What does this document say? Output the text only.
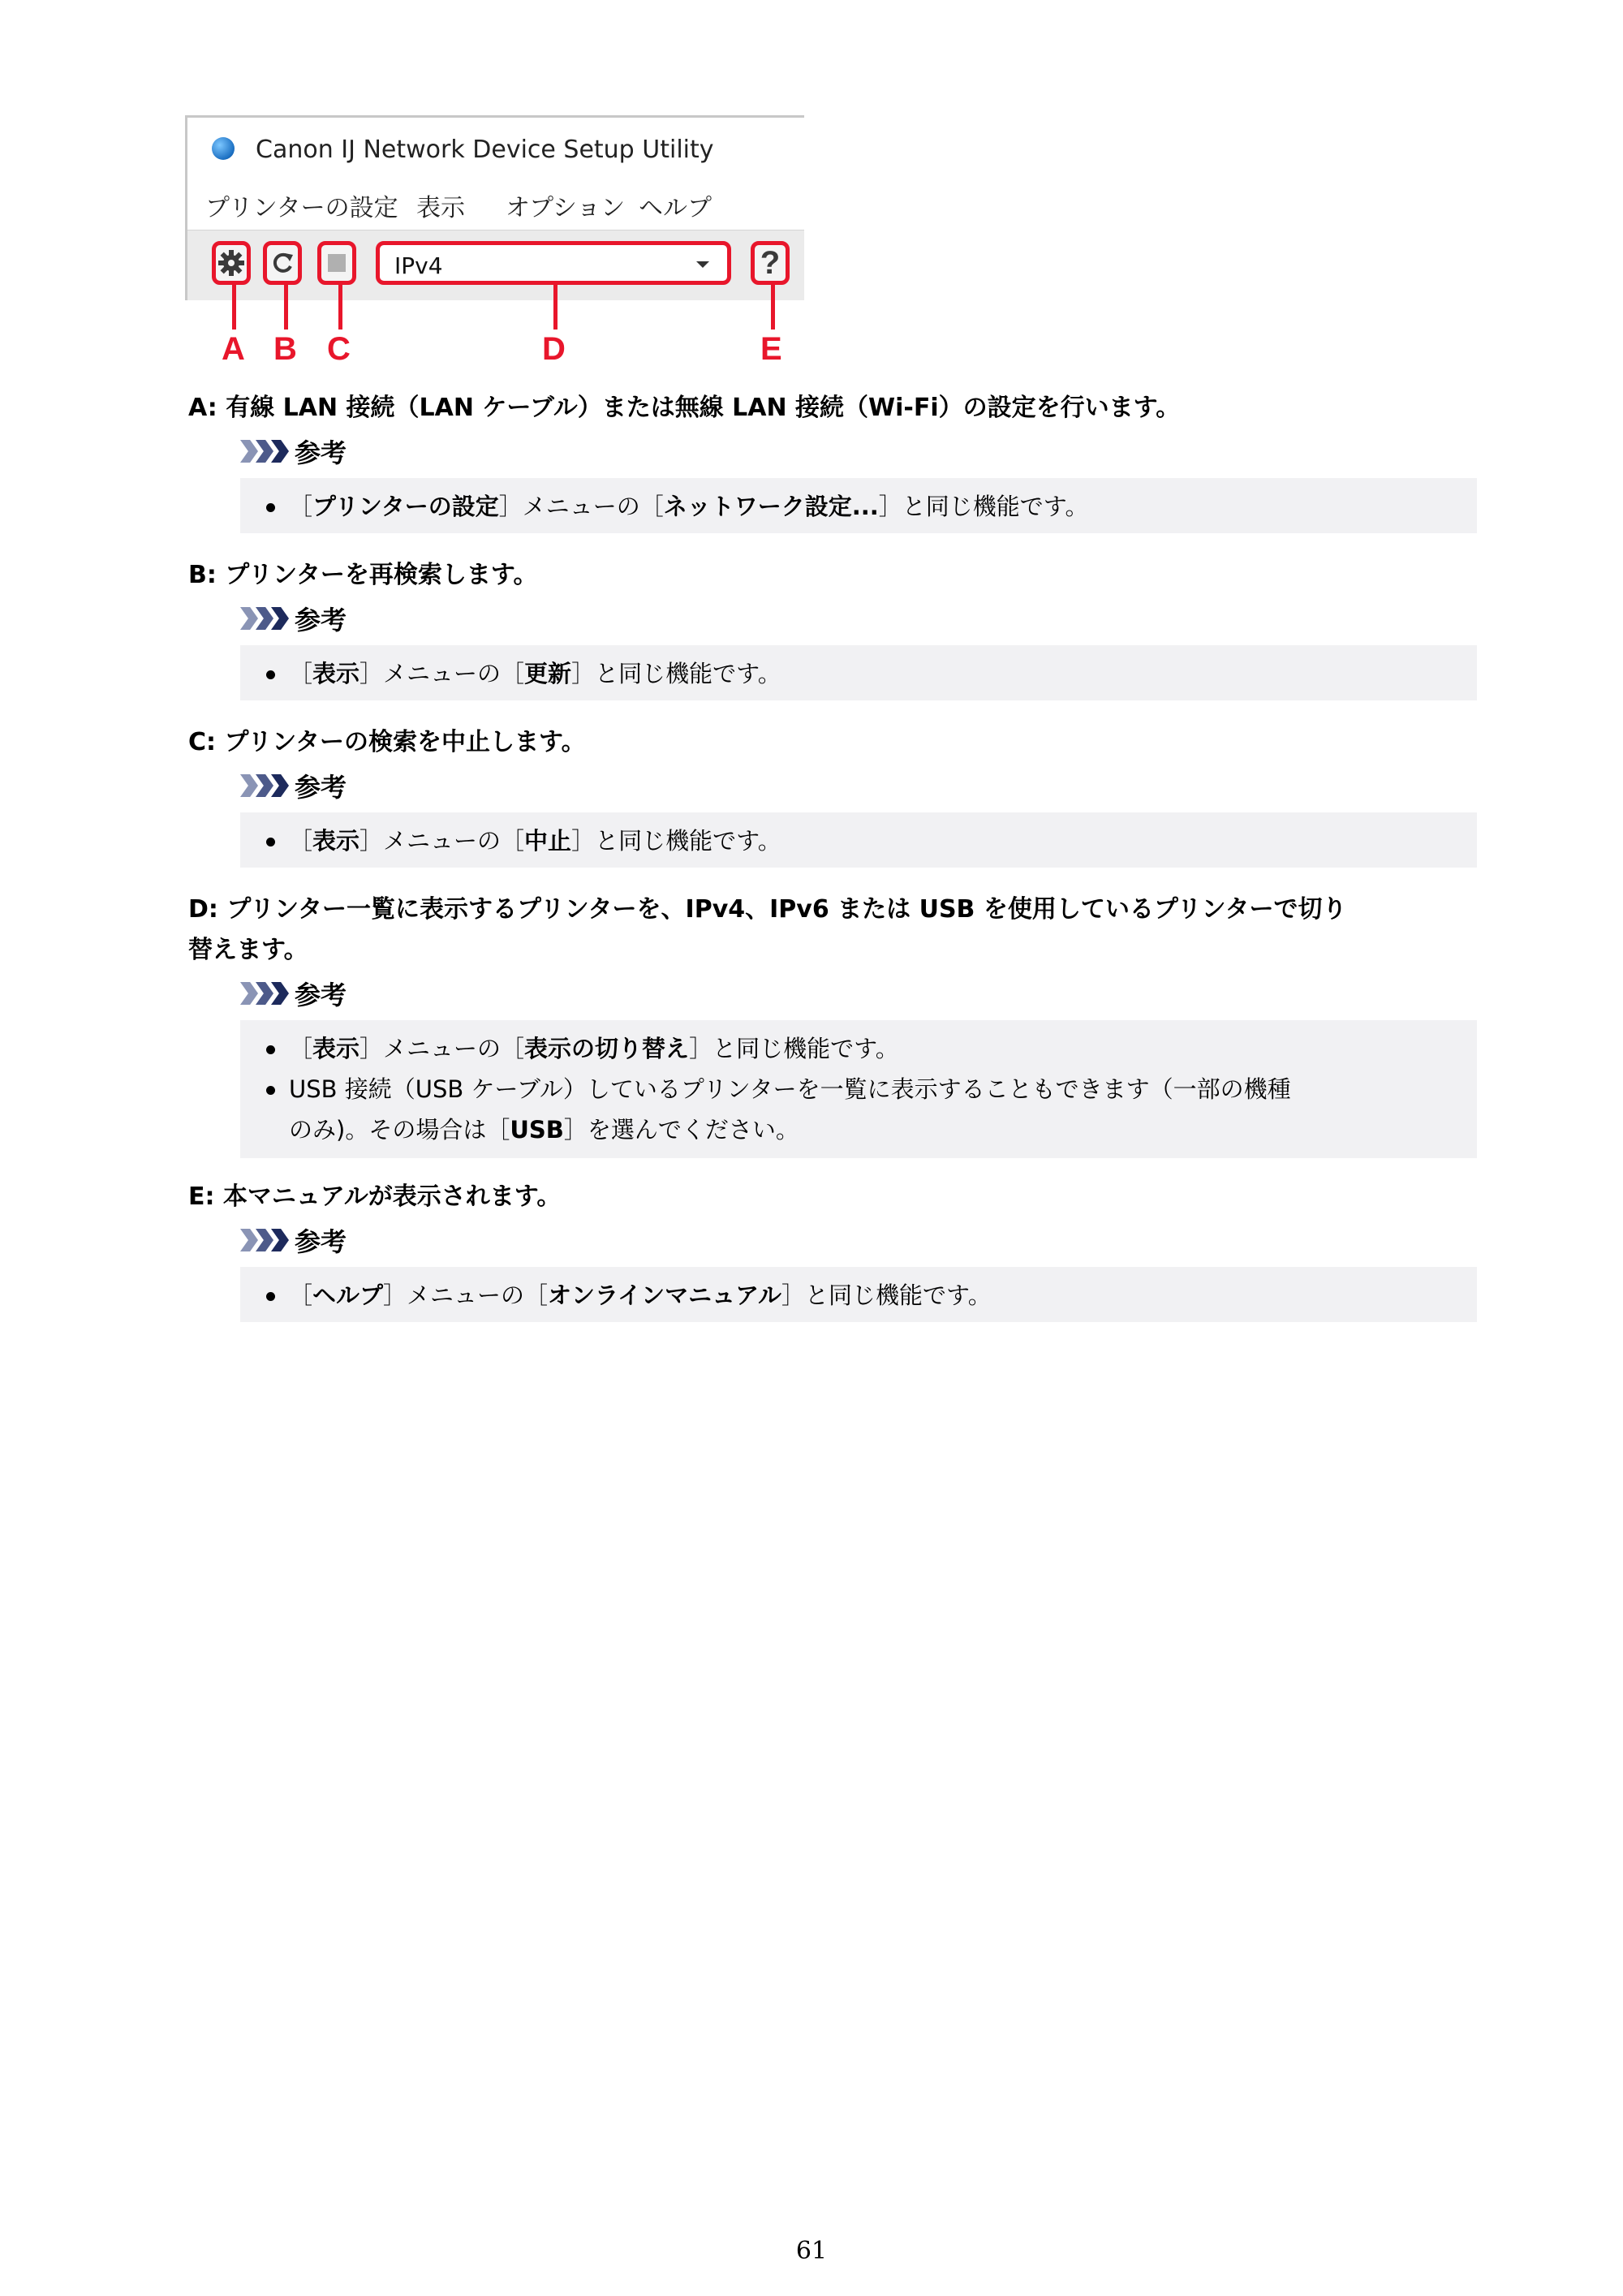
Canon IJ Network Device Setup Utility
プリンターの設定 表示 オプション ヘルプ
IPv4	?
A B C	D	E
A: 有線 LAN 接続（LAN ケーブル）または無線 LAN 接続（Wi-Fi）の設定を行います。
参考
［プリンターの設定］メニューの［ネットワーク設定...］と同じ機能です。
B: プリンターを再検索します。
参考
［表示］メニューの［更新］と同じ機能です。
C: プリンターの検索を中止します。
参考
［表示］メニューの［中止］と同じ機能です。
D: プリンター一覧に表示するプリンターを、IPv4、IPv6 または USB を使用しているプリンターで切り
替えます。
参考
［表示］メニューの［表示の切り替え］と同じ機能です。
USB 接続（USB ケーブル）しているプリンターを一覧に表示することもできます（一部の機種
のみ)。その場合は［USB］を選んでください。
E: 本マニュアルが表示されます。
参考
［ヘルプ］メニューの［オンラインマニュアル］と同じ機能です。
61
